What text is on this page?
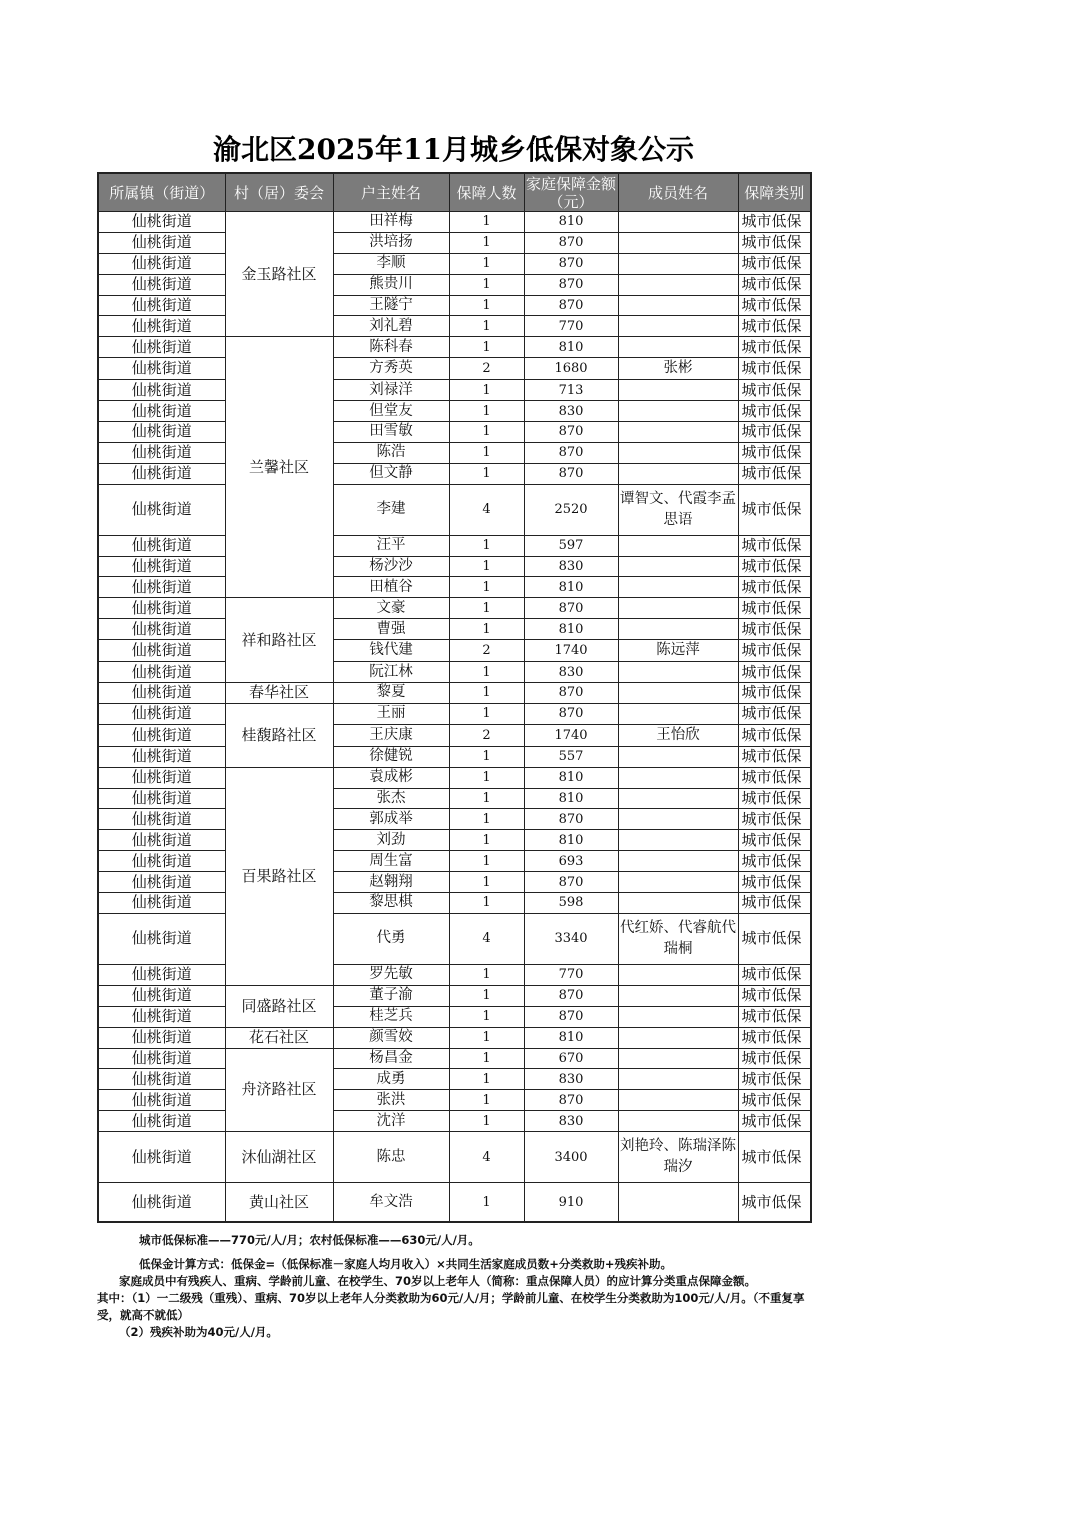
渝北区2025年11月城乡低保对象公示
所属镇（街道）	村（居）委会	户主姓名	保障人数	家庭保障金额（元）	成员姓名	保障类别
仙桃街道	金玉路社区	田祥梅	1	810		城市低保
仙桃街道		洪培扬	1	870		城市低保
仙桃街道		李顺	1	870		城市低保
仙桃街道		熊贵川	1	870		城市低保
仙桃街道		王隧宁	1	870		城市低保
仙桃街道		刘礼碧	1	770		城市低保
仙桃街道	兰馨社区	陈科春	1	810		城市低保
仙桃街道		方秀英	2	1680	张彬	城市低保
仙桃街道		刘禄洋	1	713		城市低保
仙桃街道		但堂友	1	830		城市低保
仙桃街道		田雪敏	1	870		城市低保
仙桃街道		陈浩	1	870		城市低保
仙桃街道		但文静	1	870		城市低保
仙桃街道		李建	4	2520	谭智文、代霞李孟思语	城市低保
仙桃街道		汪平	1	597		城市低保
仙桃街道		杨沙沙	1	830		城市低保
仙桃街道		田植谷	1	810		城市低保
仙桃街道	祥和路社区	文豪	1	870		城市低保
仙桃街道		曹强	1	810		城市低保
仙桃街道		钱代建	2	1740	陈远萍	城市低保
仙桃街道		阮江林	1	830		城市低保
仙桃街道	春华社区	黎夏	1	870		城市低保
仙桃街道	桂馥路社区	王丽	1	870		城市低保
仙桃街道		王庆康	2	1740	王怡欣	城市低保
仙桃街道		徐健锐	1	557		城市低保
仙桃街道	百果路社区	袁成彬	1	810		城市低保
仙桃街道		张杰	1	810		城市低保
仙桃街道		郭成举	1	870		城市低保
仙桃街道		刘劲	1	810		城市低保
仙桃街道		周生富	1	693		城市低保
仙桃街道		赵翱翔	1	870		城市低保
仙桃街道		黎思棋	1	598		城市低保
仙桃街道		代勇	4	3340	代红娇、代睿航代瑞桐	城市低保
仙桃街道		罗先敏	1	770		城市低保
仙桃街道	同盛路社区	董子渝	1	870		城市低保
仙桃街道		桂芝兵	1	870		城市低保
仙桃街道	花石社区	颜雪姣	1	810		城市低保
仙桃街道	舟济路社区	杨昌金	1	670		城市低保
仙桃街道		成勇	1	830		城市低保
仙桃街道		张洪	1	870		城市低保
仙桃街道		沈洋	1	830		城市低保
仙桃街道	沐仙湖社区	陈忠	4	3400	刘艳玲、陈瑞泽陈瑞汐	城市低保
仙桃街道	黄山社区	牟文浩	1	910		城市低保
城市低保标准——770元/人/月；农村低保标准——630元/人/月。
低保金计算方式：低保金=（低保标准－家庭人均月收入）×共同生活家庭成员数+分类救助+残疾补助。
家庭成员中有残疾人、重病、学龄前儿童、在校学生、70岁以上老年人（简称：重点保障人员）的应计算分类重点保障金额。
其中：（1）一二级残（重残）、重病、70岁以上老年人分类救助为60元/人/月；学龄前儿童、在校学生分类救助为100元/人/月。（不重复享受，就高不就低）
（2）残疾补助为40元/人/月。
